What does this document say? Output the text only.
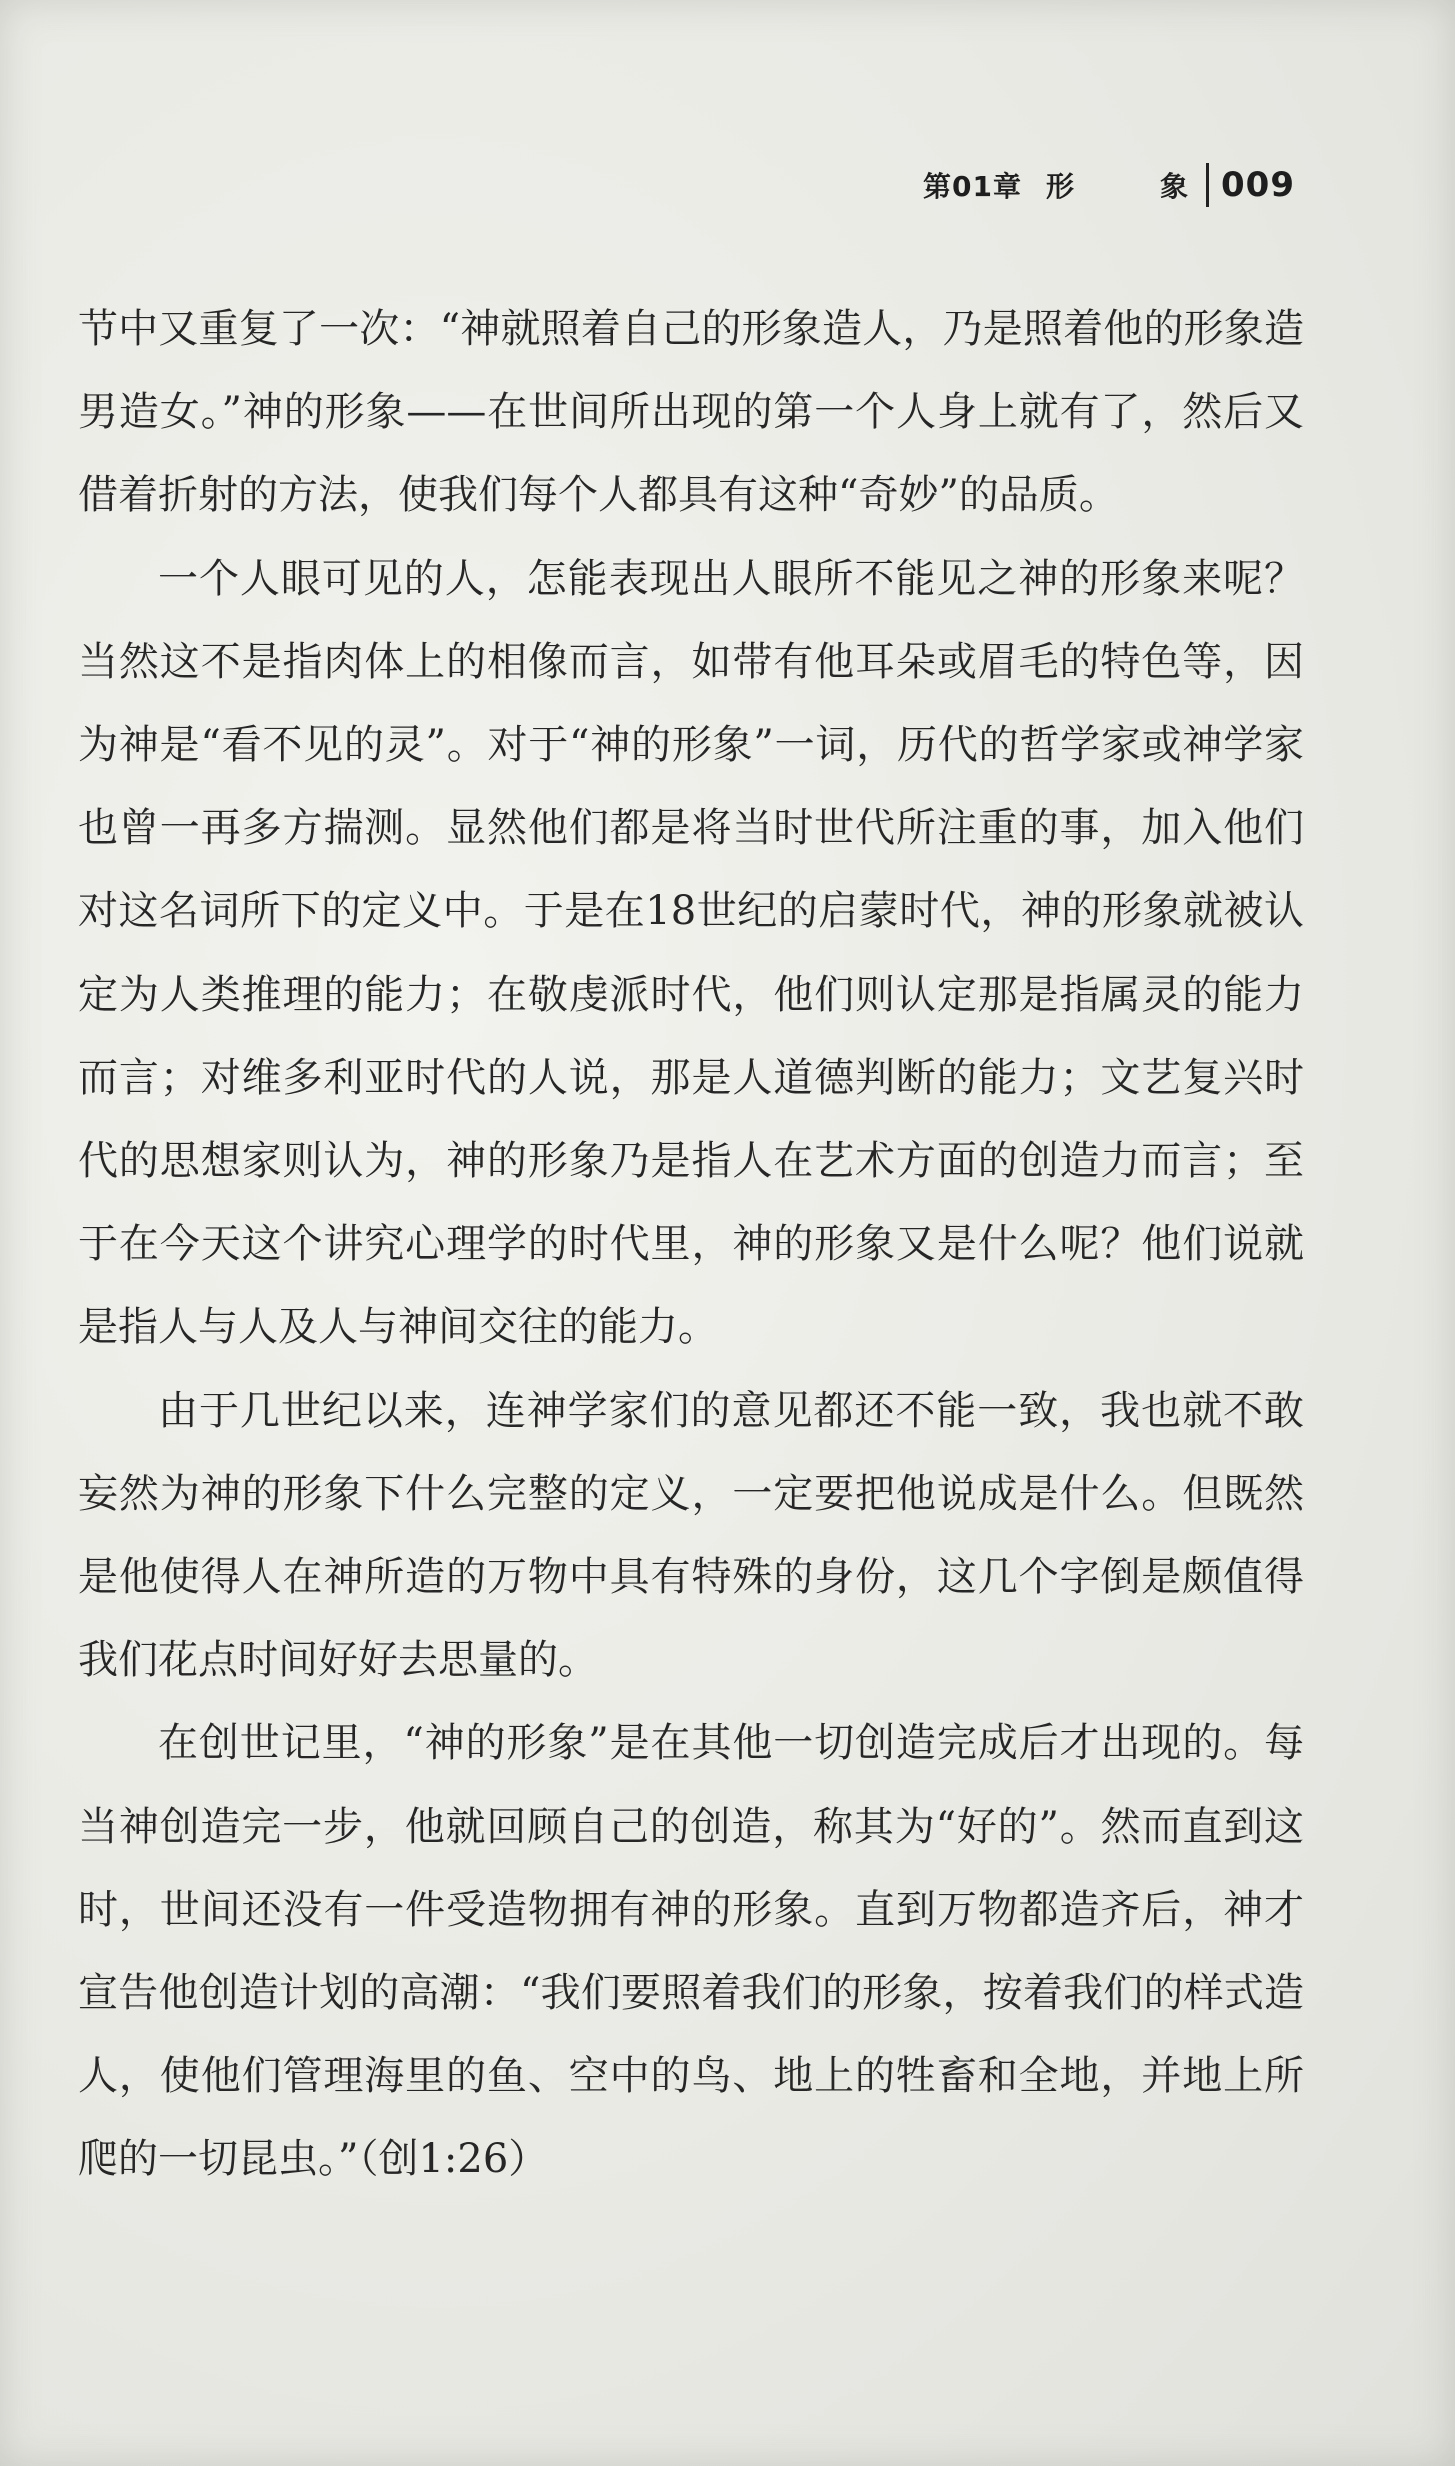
第01章 形	象 009

节中又重复了一次：“神就照着自己的形象造人，乃是照着他的形象造男造女。”神的形象——在世间所出现的第一个人身上就有了，然后又借着折射的方法，使我们每个人都具有这种“奇妙”的品质。

一个人眼可见的人，怎能表现出人眼所不能见之神的形象来呢？当然这不是指肉体上的相像而言，如带有他耳朵或眉毛的特色等，因为神是“看不见的灵”。对于“神的形象”一词，历代的哲学家或神学家也曾一再多方揣测。显然他们都是将当时世代所注重的事，加入他们对这名词所下的定义中。于是在18世纪的启蒙时代，神的形象就被认定为人类推理的能力；在敬虔派时代，他们则认定那是指属灵的能力而言；对维多利亚时代的人说，那是人道德判断的能力；文艺复兴时代的思想家则认为，神的形象乃是指人在艺术方面的创造力而言；至于在今天这个讲究心理学的时代里，神的形象又是什么呢？他们说就是指人与人及人与神间交往的能力。

由于几世纪以来，连神学家们的意见都还不能一致，我也就不敢妄然为神的形象下什么完整的定义，一定要把他说成是什么。但既然是他使得人在神所造的万物中具有特殊的身份，这几个字倒是颇值得我们花点时间好好去思量的。

在创世记里，“神的形象”是在其他一切创造完成后才出现的。每当神创造完一步，他就回顾自己的创造，称其为“好的”。然而直到这时，世间还没有一件受造物拥有神的形象。直到万物都造齐后，神才宣告他创造计划的高潮：“我们要照着我们的形象，按着我们的样式造人，使他们管理海里的鱼、空中的鸟、地上的牲畜和全地，并地上所爬的一切昆虫。”（创1:26）
